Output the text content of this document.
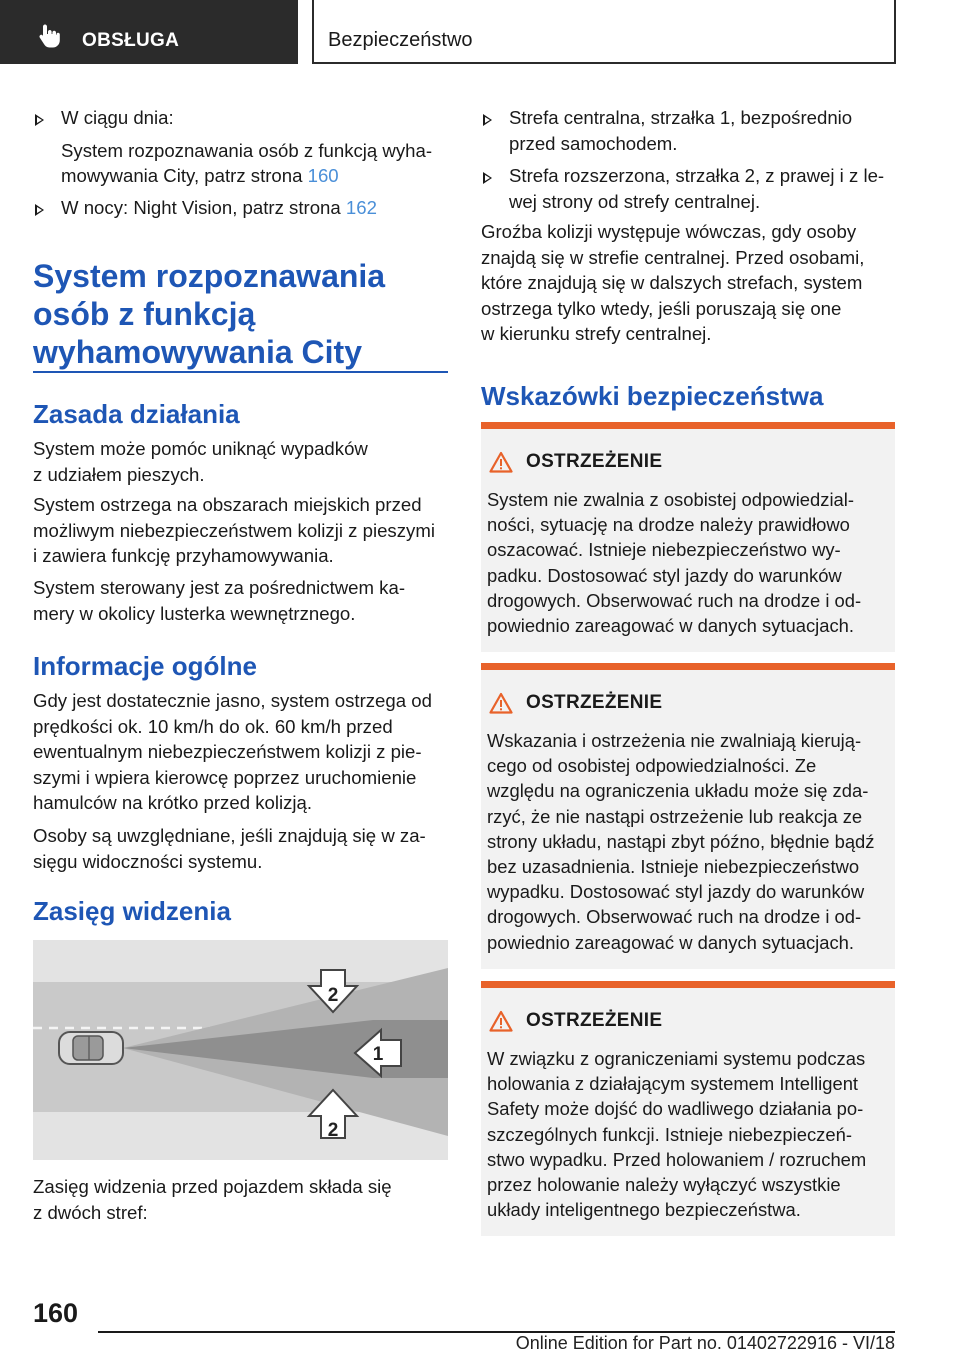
OBSŁUGA	Bezpieczeństwo
W ciągu dnia:
System rozpoznawania osób z funkcją wyha‐
mowywania City, patrz strona 160
W nocy: Night Vision, patrz strona 162
System rozpoznawania
osób z funkcją
wyhamowywania City
Zasada działania
System może pomóc uniknąć wypadków
z udziałem pieszych.
System ostrzega na obszarach miejskich przed
możliwym niebezpieczeństwem kolizji z pieszymi
i zawiera funkcję przyhamowywania.
System sterowany jest za pośrednictwem ka‐
mery w okolicy lusterka wewnętrznego.
Informacje ogólne
Gdy jest dostatecznie jasno, system ostrzega od
prędkości ok. 10 km/h do ok. 60 km/h przed
ewentualnym niebezpieczeństwem kolizji z pie‐
szymi i wpiera kierowcę poprzez uruchomienie
hamulców na krótko przed kolizją.
Osoby są uwzględniane, jeśli znajdują się w za‐
sięgu widoczności systemu.
Zasięg widzenia
2
1
2
Zasięg widzenia przed pojazdem składa się
z dwóch stref:
Strefa centralna, strzałka 1, bezpośrednio
przed samochodem.
Strefa rozszerzona, strzałka 2, z prawej i z le‐
wej strony od strefy centralnej.
Groźba kolizji występuje wówczas, gdy osoby
znajdą się w strefie centralnej. Przed osobami,
które znajdują się w dalszych strefach, system
ostrzega tylko wtedy, jeśli poruszają się one
w kierunku strefy centralnej.
Wskazówki bezpieczeństwa
OSTRZEŻENIE
System nie zwalnia z osobistej odpowiedzial‐
ności, sytuację na drodze należy prawidłowo
oszacować. Istnieje niebezpieczeństwo wy‐
padku. Dostosować styl jazdy do warunków
drogowych. Obserwować ruch na drodze i od‐
powiednio zareagować w danych sytuacjach.
OSTRZEŻENIE
Wskazania i ostrzeżenia nie zwalniają kierują‐
cego od osobistej odpowiedzialności. Ze
względu na ograniczenia układu może się zda‐
rzyć, że nie nastąpi ostrzeżenie lub reakcja ze
strony układu, nastąpi zbyt późno, błędnie bądź
bez uzasadnienia. Istnieje niebezpieczeństwo
wypadku. Dostosować styl jazdy do warunków
drogowych. Obserwować ruch na drodze i od‐
powiednio zareagować w danych sytuacjach.
OSTRZEŻENIE
W związku z ograniczeniami systemu podczas
holowania z działającym systemem Intelligent
Safety może dojść do wadliwego działania po‐
szczególnych funkcji. Istnieje niebezpieczeń‐
stwo wypadku. Przed holowaniem / rozruchem
przez holowanie należy wyłączyć wszystkie
układy inteligentnego bezpieczeństwa.
160
Online Edition for Part no. 01402722916 - VI/18
